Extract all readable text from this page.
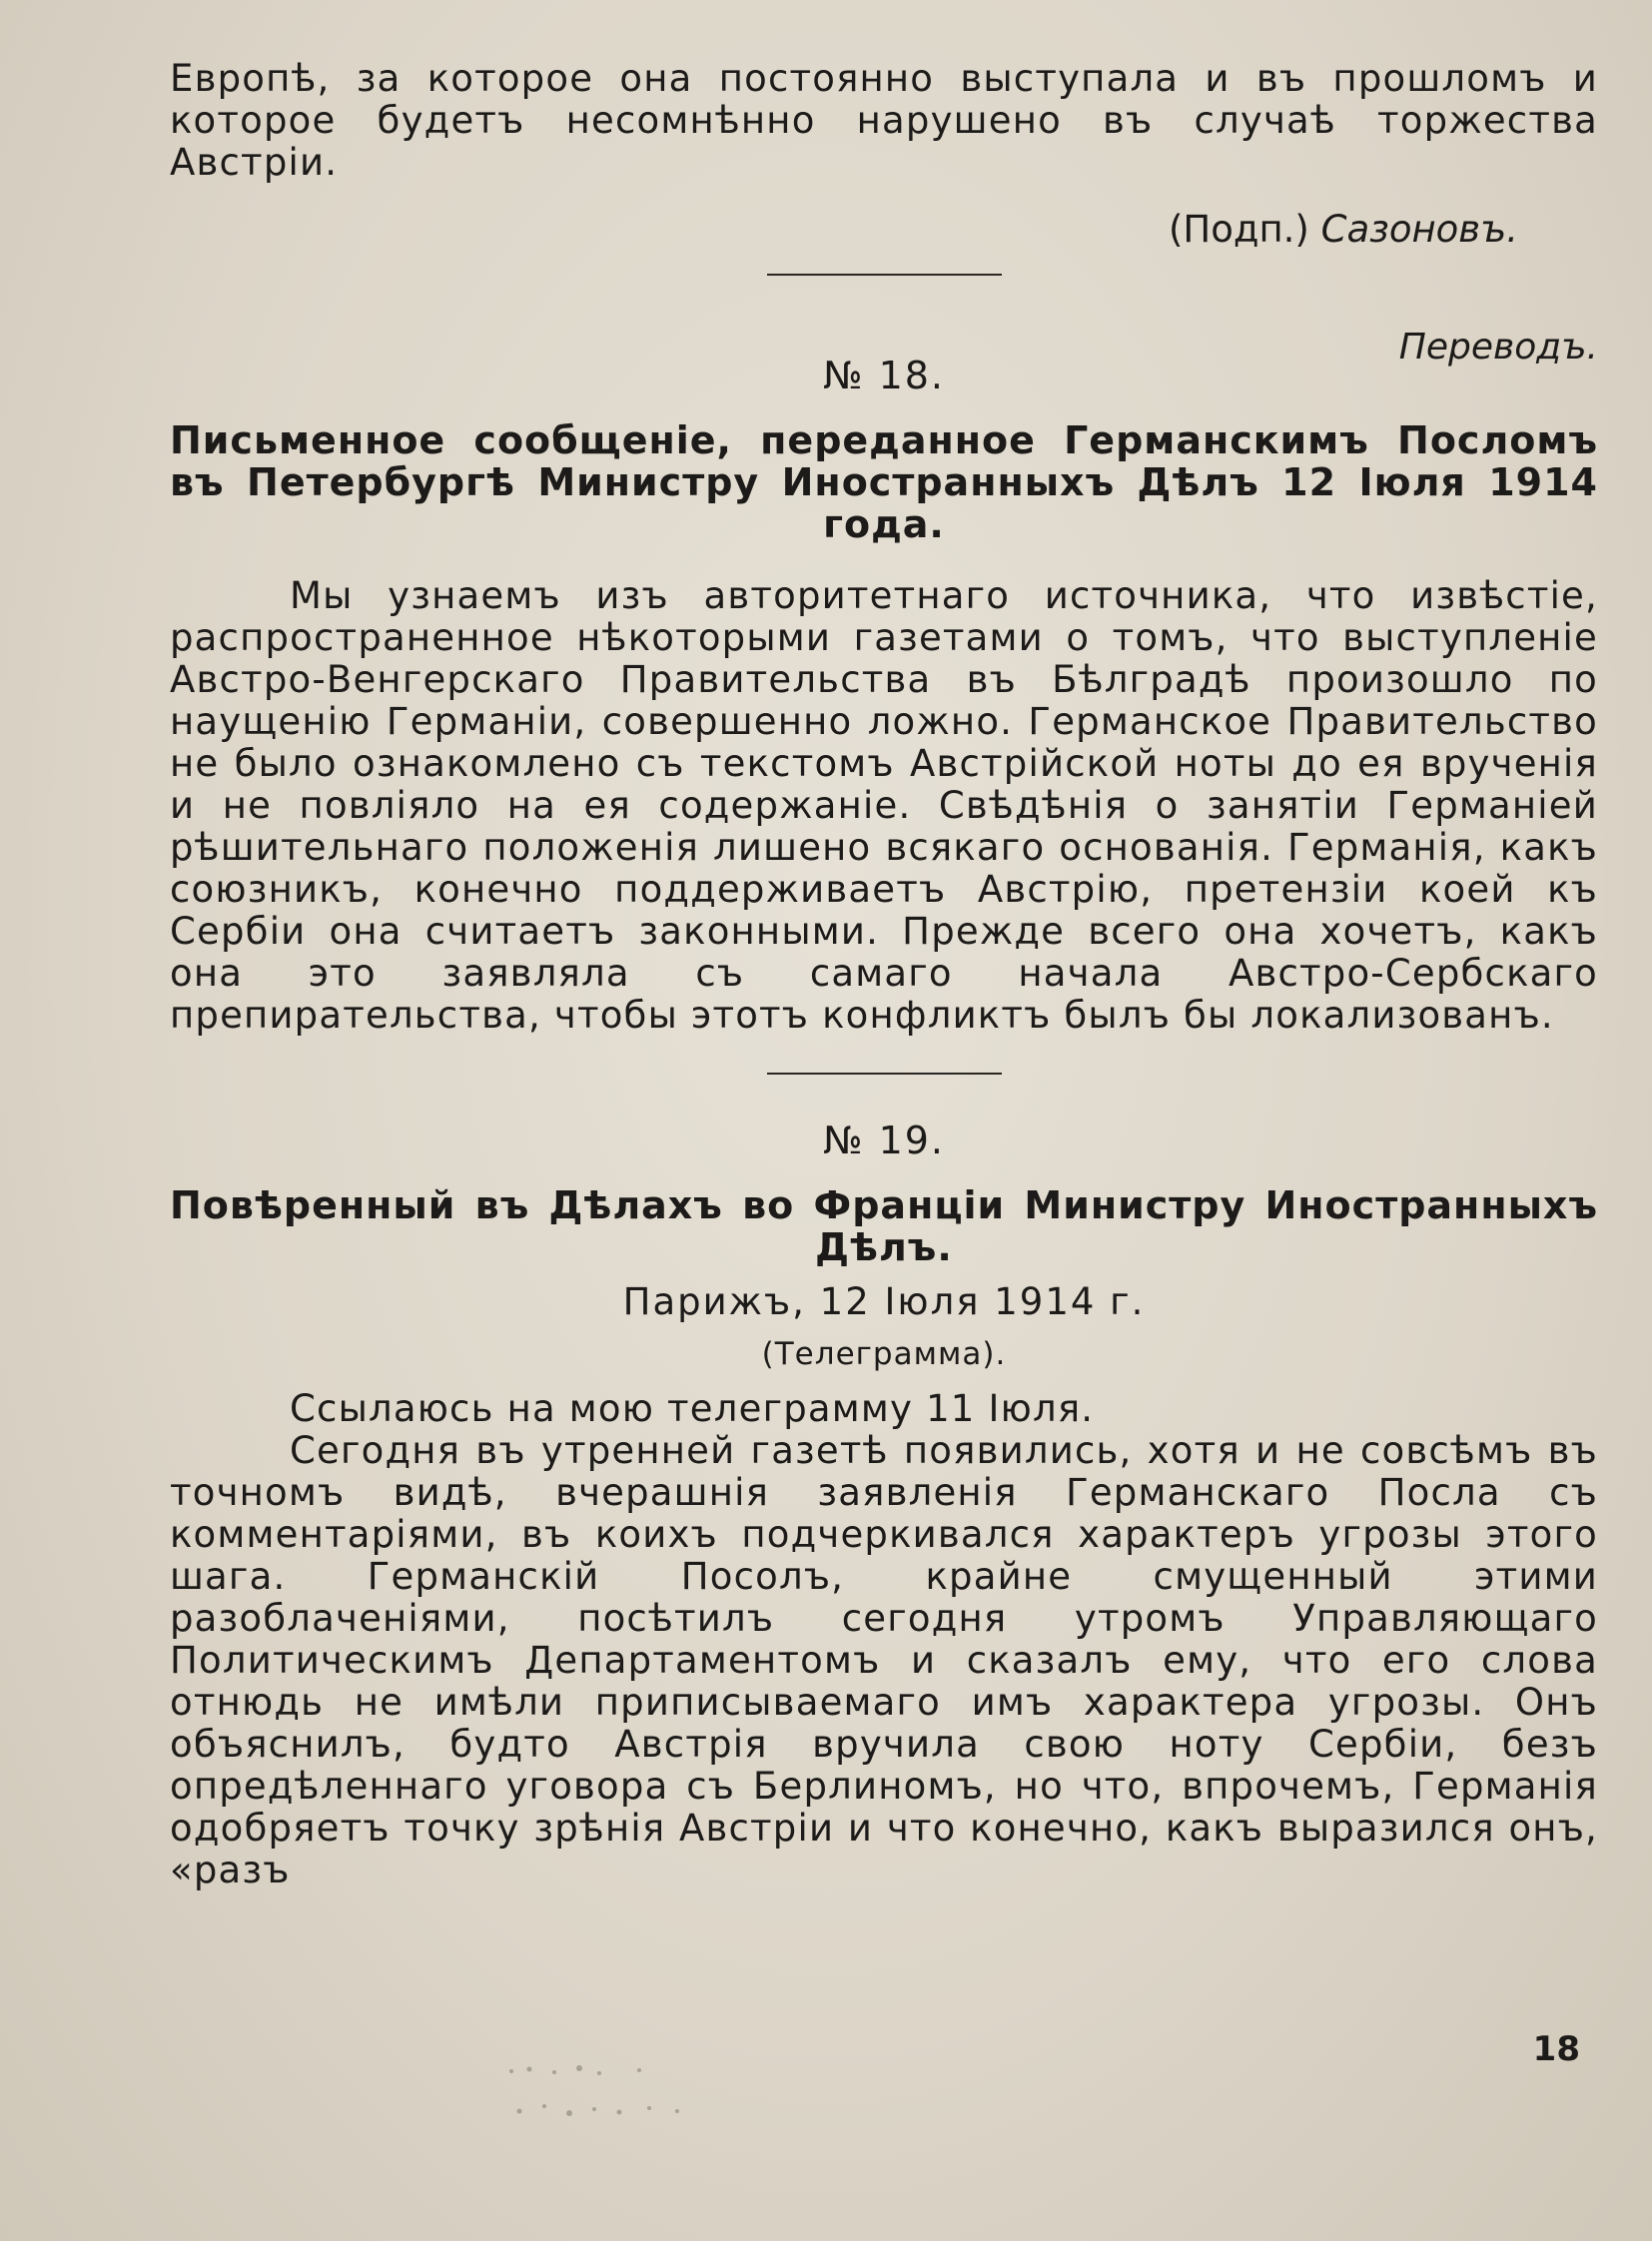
Европѣ, за которое она постоянно выступала и въ прошломъ и которое будетъ несомнѣнно нарушено въ случаѣ торжества Австріи.

(Подп.) Сазоновъ.
Переводъ.
№ 18.
Письменное сообщеніе, переданное Германскимъ Посломъ въ Петербургѣ Министру Иностранныхъ Дѣлъ 12 Іюля 1914 года.

Мы узнаемъ изъ авторитетнаго источника, что извѣстіе, распространенное нѣкоторыми газетами о томъ, что выступленіе Австро-Венгерскаго Правительства въ Бѣлградѣ произошло по наущенію Германіи, совершенно ложно. Германское Правительство не было ознакомлено съ текстомъ Австрійской ноты до ея врученія и не повліяло на ея содержаніе. Свѣдѣнія о занятіи Германіей рѣшительнаго положенія лишено всякаго основанія. Германія, какъ союзникъ, конечно поддерживаетъ Австрію, претензіи коей къ Сербіи она считаетъ законными. Прежде всего она хочетъ, какъ она это заявляла съ самаго начала Австро-Сербскаго препирательства, чтобы этотъ конфликтъ былъ бы локализованъ.

№ 19.
Повѣренный въ Дѣлахъ во Франціи Министру Иностранныхъ Дѣлъ.
Парижъ, 12 Іюля 1914 г.
(Телеграмма).

Ссылаюсь на мою телеграмму 11 Іюля.

Сегодня въ утренней газетѣ появились, хотя и не совсѣмъ въ точномъ видѣ, вчерашнія заявленія Германскаго Посла съ комментаріями, въ коихъ подчеркивался характеръ угрозы этого шага. Германскій Посолъ, крайне смущенный этими разоблаченіями, посѣтилъ сегодня утромъ Управляющаго Политическимъ Департаментомъ и сказалъ ему, что его слова отнюдь не имѣли приписываемаго имъ характера угрозы. Онъ объяснилъ, будто Австрія вручила свою ноту Сербіи, безъ опредѣленнаго уговора съ Берлиномъ, но что, впрочемъ, Германія одобряетъ точку зрѣнія Австріи и что конечно, какъ выразился онъ, «разъ

18
